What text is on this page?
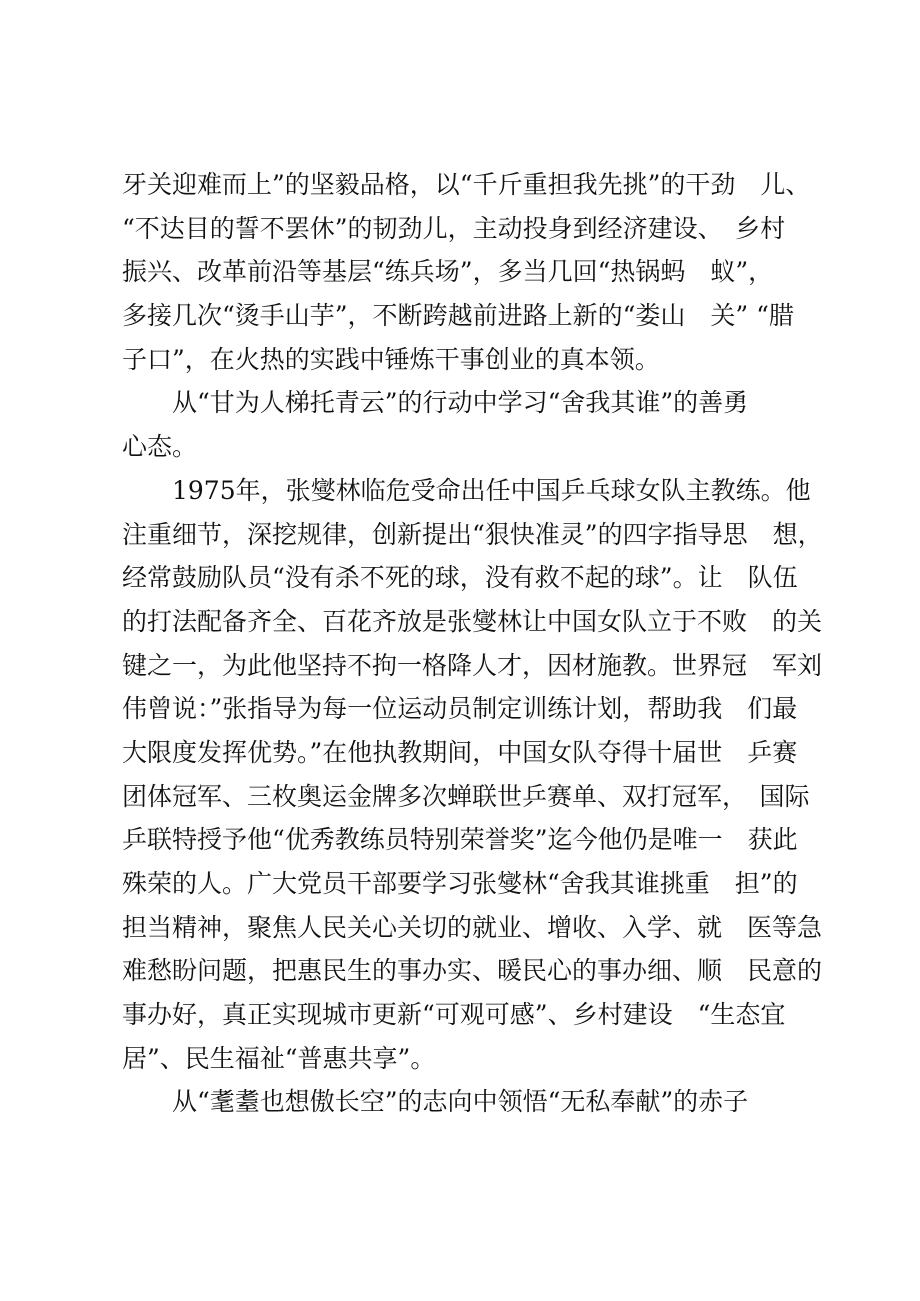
牙关迎难而上”的坚毅品格，以“千斤重担我先挑”的干劲　儿、
“不达目的誓不罢休”的韧劲儿，主动投身到经济建设、　乡村
振兴、改革前沿等基层“练兵场”，多当几回“热锅蚂　蚁”，
多接几次“烫手山芋”，不断跨越前进路上新的“娄山　关” “腊
子口”，在火热的实践中锤炼干事创业的真本领。
从“甘为人梯托青云”的行动中学习“舍我其谁”的善勇
心态。
1975年，张燮林临危受命出任中国乒乓球女队主教练。他
注重细节，深挖规律，创新提出“狠快准灵”的四字指导思　想，
经常鼓励队员“没有杀不死的球，没有救不起的球”。让　队伍
的打法配备齐全、百花齐放是张燮林让中国女队立于不败　的关
键之一，为此他坚持不拘一格降人才，因材施教。世界冠　军刘
伟曾说：”张指导为每一位运动员制定训练计划，帮助我　们最
大限度发挥优势。”在他执教期间，中国女队夺得十届世　乒赛
团体冠军、三枚奥运金牌多次蝉联世乒赛单、双打冠军，　国际
乒联特授予他“优秀教练员特别荣誉奖”迄今他仍是唯一　获此
殊荣的人。广大党员干部要学习张燮林“舍我其谁挑重　担”的
担当精神，聚焦人民关心关切的就业、增收、入学、就　医等急
难愁盼问题，把惠民生的事办实、暖民心的事办细、顺　民意的
事办好，真正实现城市更新“可观可感”、乡村建设　“生态宜
居”、民生福祉“普惠共享”。
从“耄耋也想傲长空”的志向中领悟“无私奉献”的赤子
